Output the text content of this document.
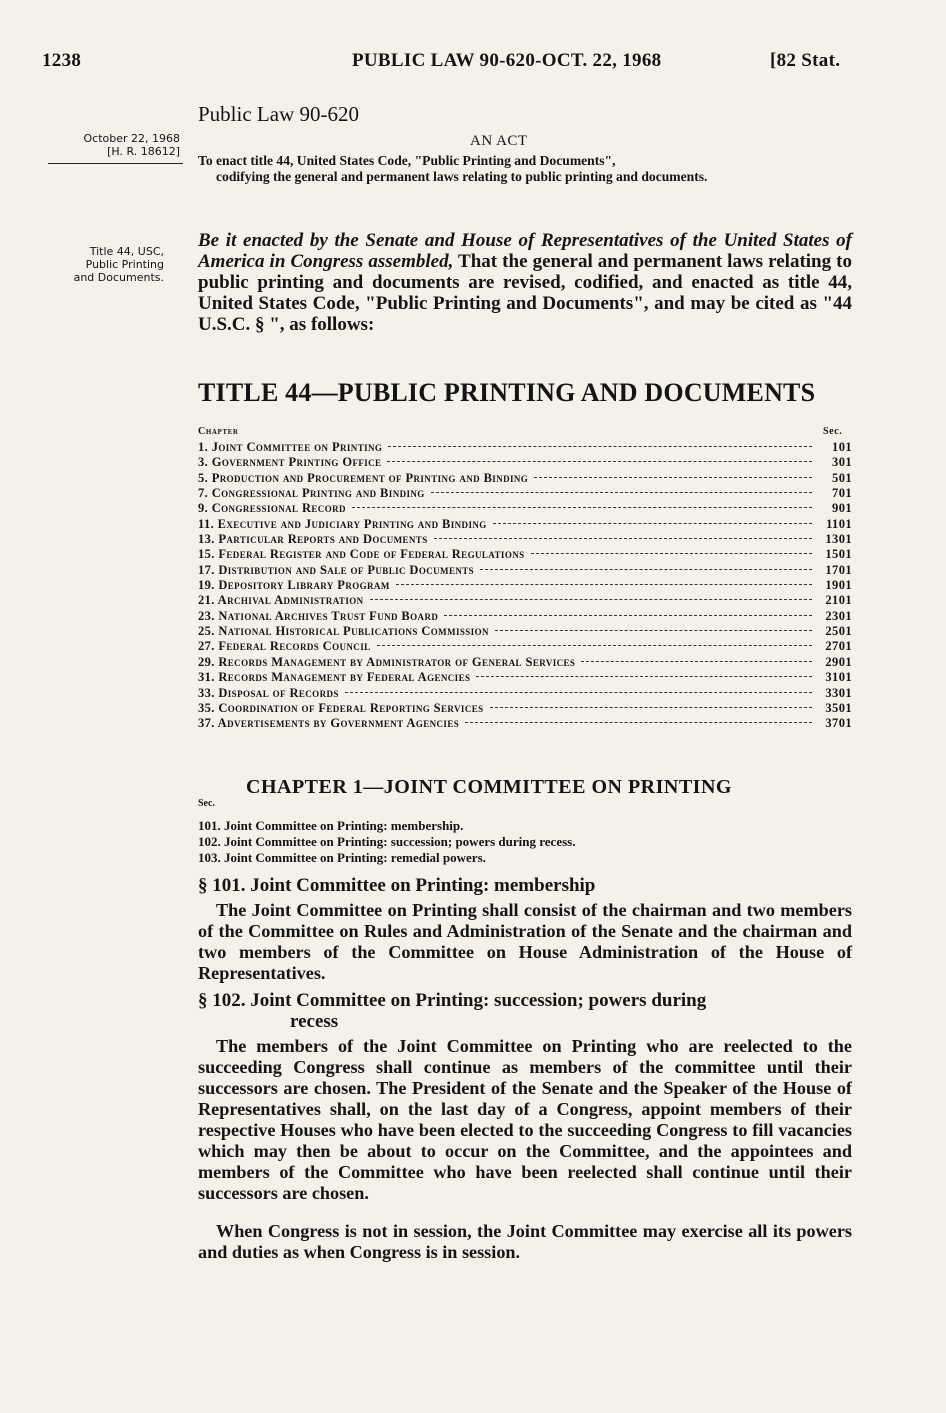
1238	PUBLIC LAW 90-620-OCT. 22, 1968	[82 Stat.
Public Law 90-620
October 22, 1968
[H. R. 18612]
Title 44, USC,
Public Printing
and Documents.
AN ACT
To enact title 44, United States Code, "Public Printing and Documents",
codifying the general and permanent laws relating to public printing and documents.
Be it enacted by the Senate and House of Representatives of the United States of America in Congress assembled, That the general and permanent laws relating to public printing and documents are revised, codified, and enacted as title 44, United States Code, "Public Printing and Documents", and may be cited as "44 U.S.C. § ", as follows:
TITLE 44—PUBLIC PRINTING AND DOCUMENTS
Chapter	Sec.
1. Joint Committee on Printing	101
3. Government Printing Office	301
5. Production and Procurement of Printing and Binding	501
7. Congressional Printing and Binding	701
9. Congressional Record	901
11. Executive and Judiciary Printing and Binding	1101
13. Particular Reports and Documents	1301
15. Federal Register and Code of Federal Regulations	1501
17. Distribution and Sale of Public Documents	1701
19. Depository Library Program	1901
21. Archival Administration	2101
23. National Archives Trust Fund Board	2301
25. National Historical Publications Commission	2501
27. Federal Records Council	2701
29. Records Management by Administrator of General Services	2901
31. Records Management by Federal Agencies	3101
33. Disposal of Records	3301
35. Coordination of Federal Reporting Services	3501
37. Advertisements by Government Agencies	3701
CHAPTER 1—JOINT COMMITTEE ON PRINTING
Sec.
101. Joint Committee on Printing: membership.
102. Joint Committee on Printing: succession; powers during recess.
103. Joint Committee on Printing: remedial powers.
§ 101. Joint Committee on Printing: membership
The Joint Committee on Printing shall consist of the chairman and two members of the Committee on Rules and Administration of the Senate and the chairman and two members of the Committee on House Administration of the House of Representatives.
§ 102. Joint Committee on Printing: succession; powers during
recess
The members of the Joint Committee on Printing who are reelected to the succeeding Congress shall continue as members of the committee until their successors are chosen. The President of the Senate and the Speaker of the House of Representatives shall, on the last day of a Congress, appoint members of their respective Houses who have been elected to the succeeding Congress to fill vacancies which may then be about to occur on the Committee, and the appointees and members of the Committee who have been reelected shall continue until their successors are chosen.
When Congress is not in session, the Joint Committee may exercise all its powers and duties as when Congress is in session.
